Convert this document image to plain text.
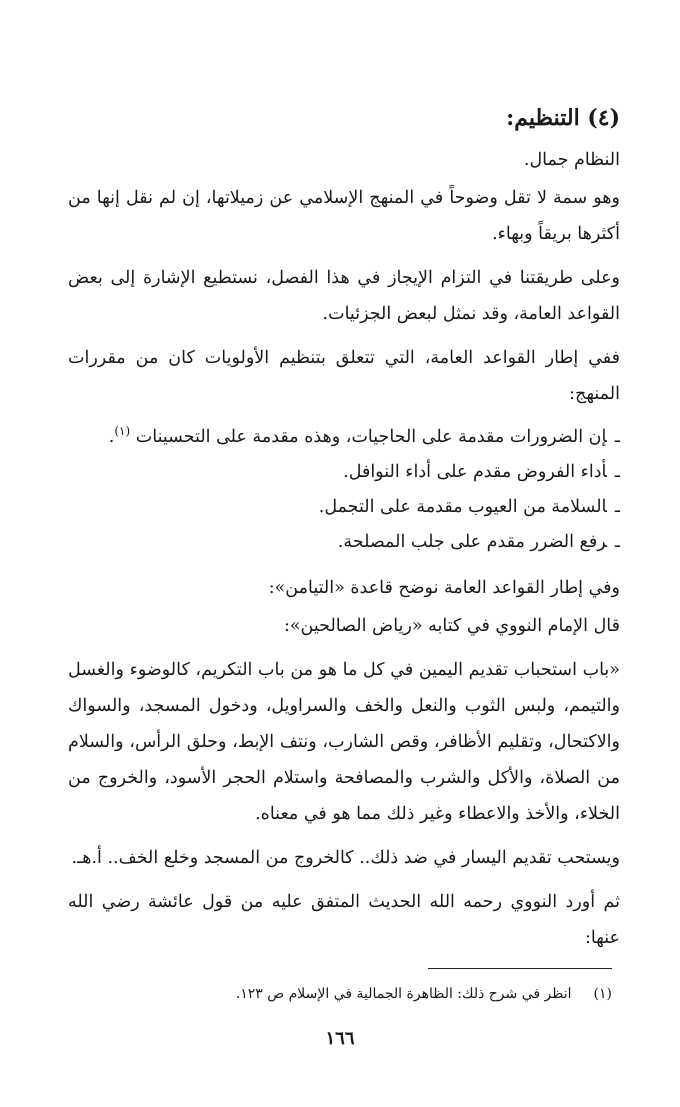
(٤) التنظيم:

النظام جمال.

وهو سمة لا تقل وضوحاً في المنهج الإسلامي عن زميلاتها، إن لم نقل إنها من أكثرها بريقاً وبهاء.

وعلى طريقتنا في التزام الإيجاز في هذا الفصل، نستطيع الإشارة إلى بعض القواعد العامة، وقد نمثل لبعض الجزئيات.

ففي إطار القواعد العامة، التي تتعلق بتنظيم الأولويات كان من مقررات المنهج:

ـإن الضرورات مقدمة على الحاجيات، وهذه مقدمة على التحسينات $^{(١)}$.
ـأداء الفروض مقدم على أداء النوافل.
ـالسلامة من العيوب مقدمة على التجمل.
ـرفع الضرر مقدم على جلب المصلحة.

وفي إطار القواعد العامة نوضح قاعدة «التيامن»:

قال الإمام النووي في كتابه «رياض الصالحين»:

«باب استحباب تقديم اليمين في كل ما هو من باب التكريم، كالوضوء والغسل والتيمم، ولبس الثوب والنعل والخف والسراويل، ودخول المسجد، والسواك والاكتحال، وتقليم الأظافر، وقص الشارب، ونتف الإبط، وحلق الرأس، والسلام من الصلاة، والأكل والشرب والمصافحة واستلام الحجر الأسود، والخروج من الخلاء، والأخذ والاعطاء وغير ذلك مما هو في معناه.

ويستحب تقديم اليسار في ضد ذلك.. كالخروج من المسجد وخلع الخف.. أ.هـ.

ثم أورد النووي رحمه الله الحديث المتفق عليه من قول عائشة رضي الله عنها:

(١)انظر في شرح ذلك: الظاهرة الجمالية في الإسلام ص ١٢٣.
١٦٦
